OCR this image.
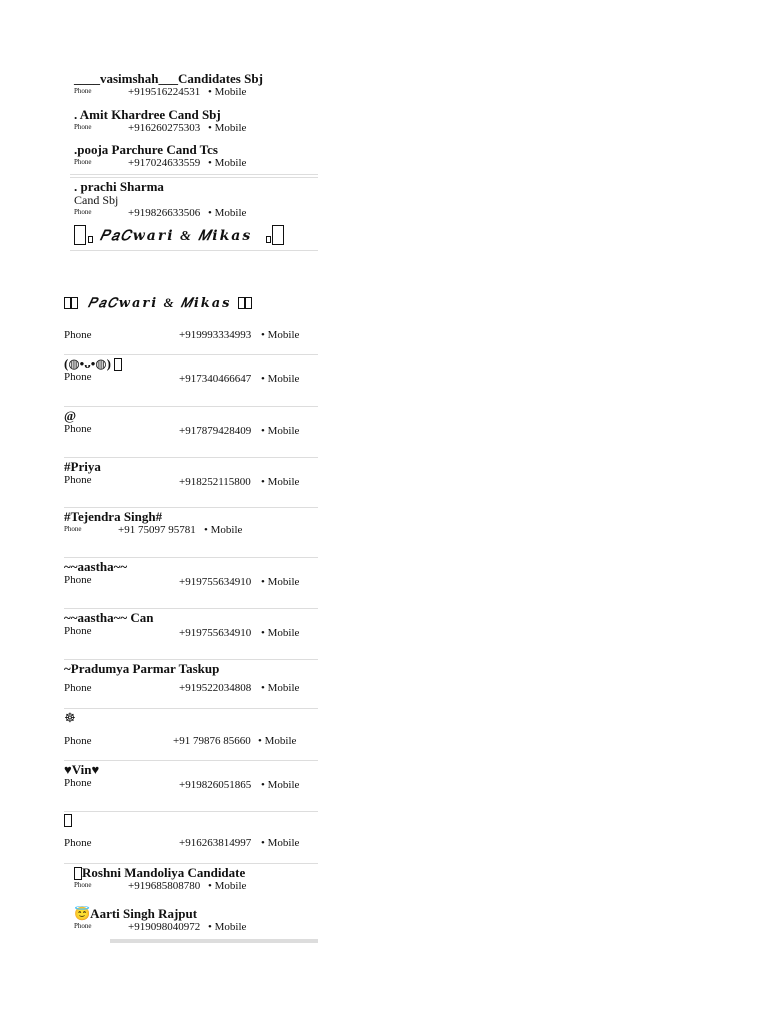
____vasimshah___Candidates Sbj
Phone	+919516224531 • Mobile
. Amit Khardree Cand Sbj
Phone	+916260275303 • Mobile
.pooja Parchure Cand Tcs
Phone	+917024633559 • Mobile
. prachi Sharma
Cand Sbj
Phone	+919826633506 • Mobile
𝑃𝑎𝐶𝒘𝒂𝒓𝒊 & 𝑀𝒊𝒌𝒂𝒔
𝑃𝑎𝐶𝒘𝒂𝒓𝒊 & 𝑀𝒊𝒌𝒂𝒔
Phone	+919993334993 • Mobile
(◍•ᴗ•◍)
Phone	+917340466647 • Mobile
@
Phone	+917879428409 • Mobile
#Priya
Phone	+918252115800 • Mobile
#Tejendra Singh#
Phone	+91 75097 95781 • Mobile
~~aastha~~
Phone	+919755634910 • Mobile
~~aastha~~ Can
Phone	+919755634910 • Mobile
~Pradumya Parmar Taskup
Phone	+919522034808 • Mobile
☸
Phone	+91 79876 85660 • Mobile
♥Vin♥
Phone	+919826051865 • Mobile
Phone	+916263814997 • Mobile
Roshni Mandoliya Candidate
Phone	+919685808780 • Mobile
😇Aarti Singh Rajput
Phone	+919098040972 • Mobile
